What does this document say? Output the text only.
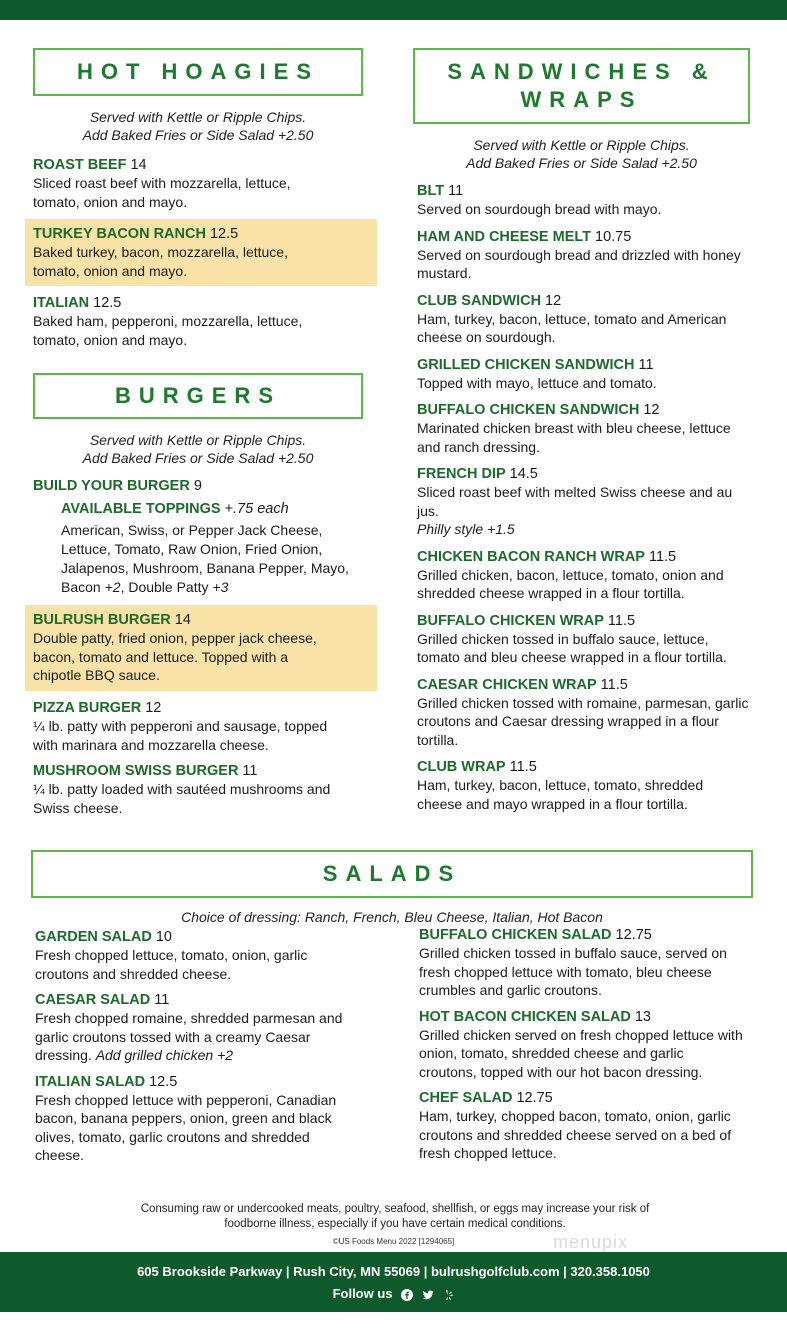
HOT HOAGIES
Served with Kettle or Ripple Chips.
Add Baked Fries or Side Salad +2.50
ROAST BEEF 14
Sliced roast beef with mozzarella, lettuce, tomato, onion and mayo.
TURKEY BACON RANCH 12.5
Baked turkey, bacon, mozzarella, lettuce, tomato, onion and mayo.
ITALIAN 12.5
Baked ham, pepperoni, mozzarella, lettuce, tomato, onion and mayo.
BURGERS
Served with Kettle or Ripple Chips.
Add Baked Fries or Side Salad +2.50
BUILD YOUR BURGER 9
AVAILABLE TOPPINGS +.75 each
American, Swiss, or Pepper Jack Cheese,
Lettuce, Tomato, Raw Onion, Fried Onion,
Jalapenos, Mushroom, Banana Pepper, Mayo,
Bacon +2, Double Patty +3
BULRUSH BURGER 14
Double patty, fried onion, pepper jack cheese, bacon, tomato and lettuce. Topped with a chipotle BBQ sauce.
PIZZA BURGER 12
¼ lb. patty with pepperoni and sausage, topped with marinara and mozzarella cheese.
MUSHROOM SWISS BURGER 11
¼ lb. patty loaded with sautéed mushrooms and Swiss cheese.
SANDWICHES &
WRAPS
Served with Kettle or Ripple Chips.
Add Baked Fries or Side Salad +2.50
BLT 11
Served on sourdough bread with mayo.
HAM AND CHEESE MELT 10.75
Served on sourdough bread and drizzled with honey mustard.
CLUB SANDWICH 12
Ham, turkey, bacon, lettuce, tomato and American cheese on sourdough.
GRILLED CHICKEN SANDWICH 11
Topped with mayo, lettuce and tomato.
BUFFALO CHICKEN SANDWICH 12
Marinated chicken breast with bleu cheese, lettuce and ranch dressing.
FRENCH DIP 14.5
Sliced roast beef with melted Swiss cheese and au jus.
Philly style +1.5
CHICKEN BACON RANCH WRAP 11.5
Grilled chicken, bacon, lettuce, tomato, onion and shredded cheese wrapped in a flour tortilla.
BUFFALO CHICKEN WRAP 11.5
Grilled chicken tossed in buffalo sauce, lettuce, tomato and bleu cheese wrapped in a flour tortilla.
CAESAR CHICKEN WRAP 11.5
Grilled chicken tossed with romaine, parmesan, garlic croutons and Caesar dressing wrapped in a flour tortilla.
CLUB WRAP 11.5
Ham, turkey, bacon, lettuce, tomato, shredded cheese and mayo wrapped in a flour tortilla.
SALADS
Choice of dressing: Ranch, French, Bleu Cheese, Italian, Hot Bacon
GARDEN SALAD 10
Fresh chopped lettuce, tomato, onion, garlic croutons and shredded cheese.
CAESAR SALAD 11
Fresh chopped romaine, shredded parmesan and garlic croutons tossed with a creamy Caesar dressing. Add grilled chicken +2
ITALIAN SALAD 12.5
Fresh chopped lettuce with pepperoni, Canadian bacon, banana peppers, onion, green and black olives, tomato, garlic croutons and shredded cheese.
BUFFALO CHICKEN SALAD 12.75
Grilled chicken tossed in buffalo sauce, served on fresh chopped lettuce with tomato, bleu cheese crumbles and garlic croutons.
HOT BACON CHICKEN SALAD 13
Grilled chicken served on fresh chopped lettuce with onion, tomato, shredded cheese and garlic croutons, topped with our hot bacon dressing.
CHEF SALAD 12.75
Ham, turkey, chopped bacon, tomato, onion, garlic croutons and shredded cheese served on a bed of fresh chopped lettuce.
Consuming raw or undercooked meats, poultry, seafood, shellfish, or eggs may increase your risk of
foodborne illness, especially if you have certain medical conditions.
©US Foods Menu 2022 [1294065]	menupix
605 Brookside Parkway | Rush City, MN 55069 | bulrushgolfclub.com | 320.358.1050
Follow us
